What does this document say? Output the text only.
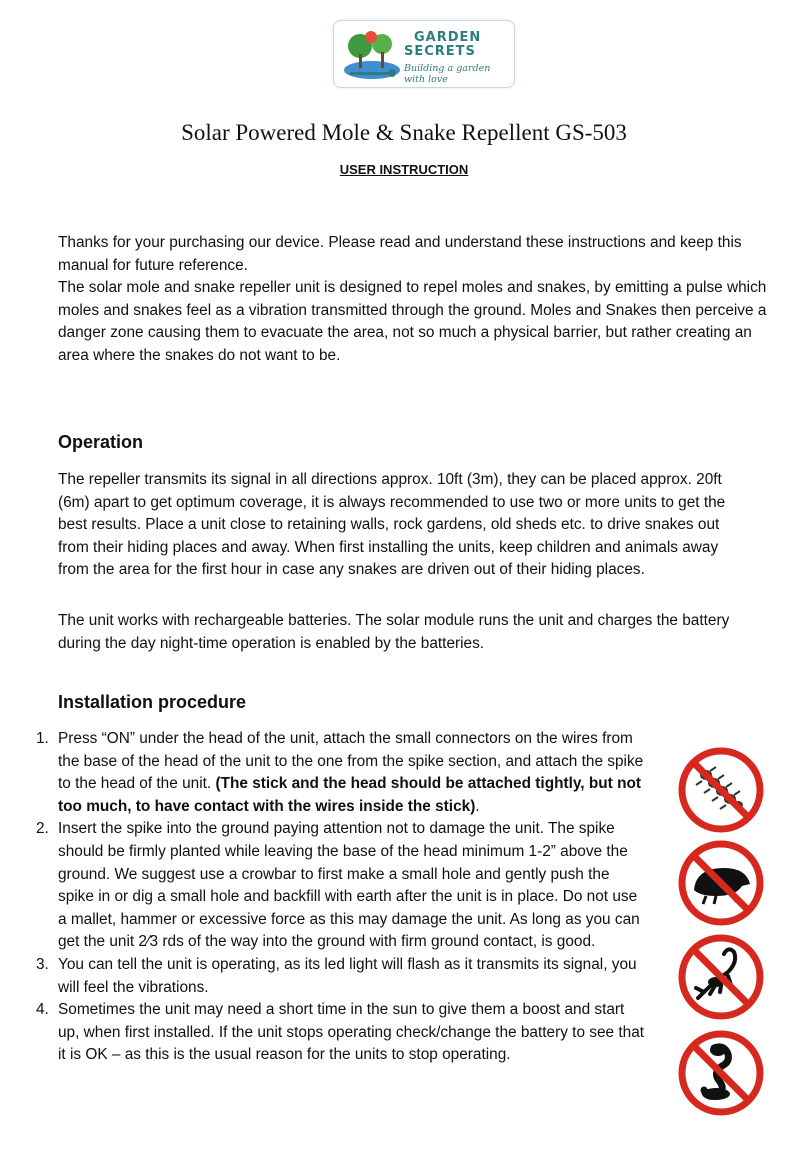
GARDEN
SECRETS
Building a garden with love
Solar Powered Mole & Snake Repellent GS-503
USER INSTRUCTION

Thanks for your purchasing our device. Please read and understand these instructions and keep this manual for future reference.

The solar mole and snake repeller unit is designed to repel moles and snakes, by emitting a pulse which moles and snakes feel as a vibration transmitted through the ground. Moles and Snakes then perceive a danger zone causing them to evacuate the area, not so much a physical barrier, but rather creating an area where the snakes do not want to be.

Operation

The repeller transmits its signal in all directions approx. 10ft (3m), they can be placed approx. 20ft (6m) apart to get optimum coverage, it is always recommended to use two or more units to get the best results. Place a unit close to retaining walls, rock gardens, old sheds etc. to drive snakes out from their hiding places and away. When first installing the units, keep children and animals away from the area for the first hour in case any snakes are driven out of their hiding places.

The unit works with rechargeable batteries. The solar module runs the unit and charges the battery during the day night-time operation is enabled by the batteries.

Installation procedure
1. Press “ON” under the head of the unit, attach the small connectors on the wires from the base of the head of the unit to the one from the spike section, and attach the spike to the head of the unit. (The stick and the head should be attached tightly, but not too much, to have contact with the wires inside the stick).
2. Insert the spike into the ground paying attention not to damage the unit. The spike should be firmly planted while leaving the base of the head minimum 1-2” above the ground. We suggest use a crowbar to first make a small hole and gently push the spike in or dig a small hole and backfill with earth after the unit is in place. Do not use a mallet, hammer or excessive force as this may damage the unit. As long as you can get the unit 2⁄3 rds of the way into the ground with firm ground contact, is good.
3. You can tell the unit is operating, as its led light will flash as it transmits its signal, you will feel the vibrations.
4. Sometimes the unit may need a short time in the sun to give them a boost and start up, when first installed. If the unit stops operating check/change the battery to see that it is OK – as this is the usual reason for the units to stop operating.
